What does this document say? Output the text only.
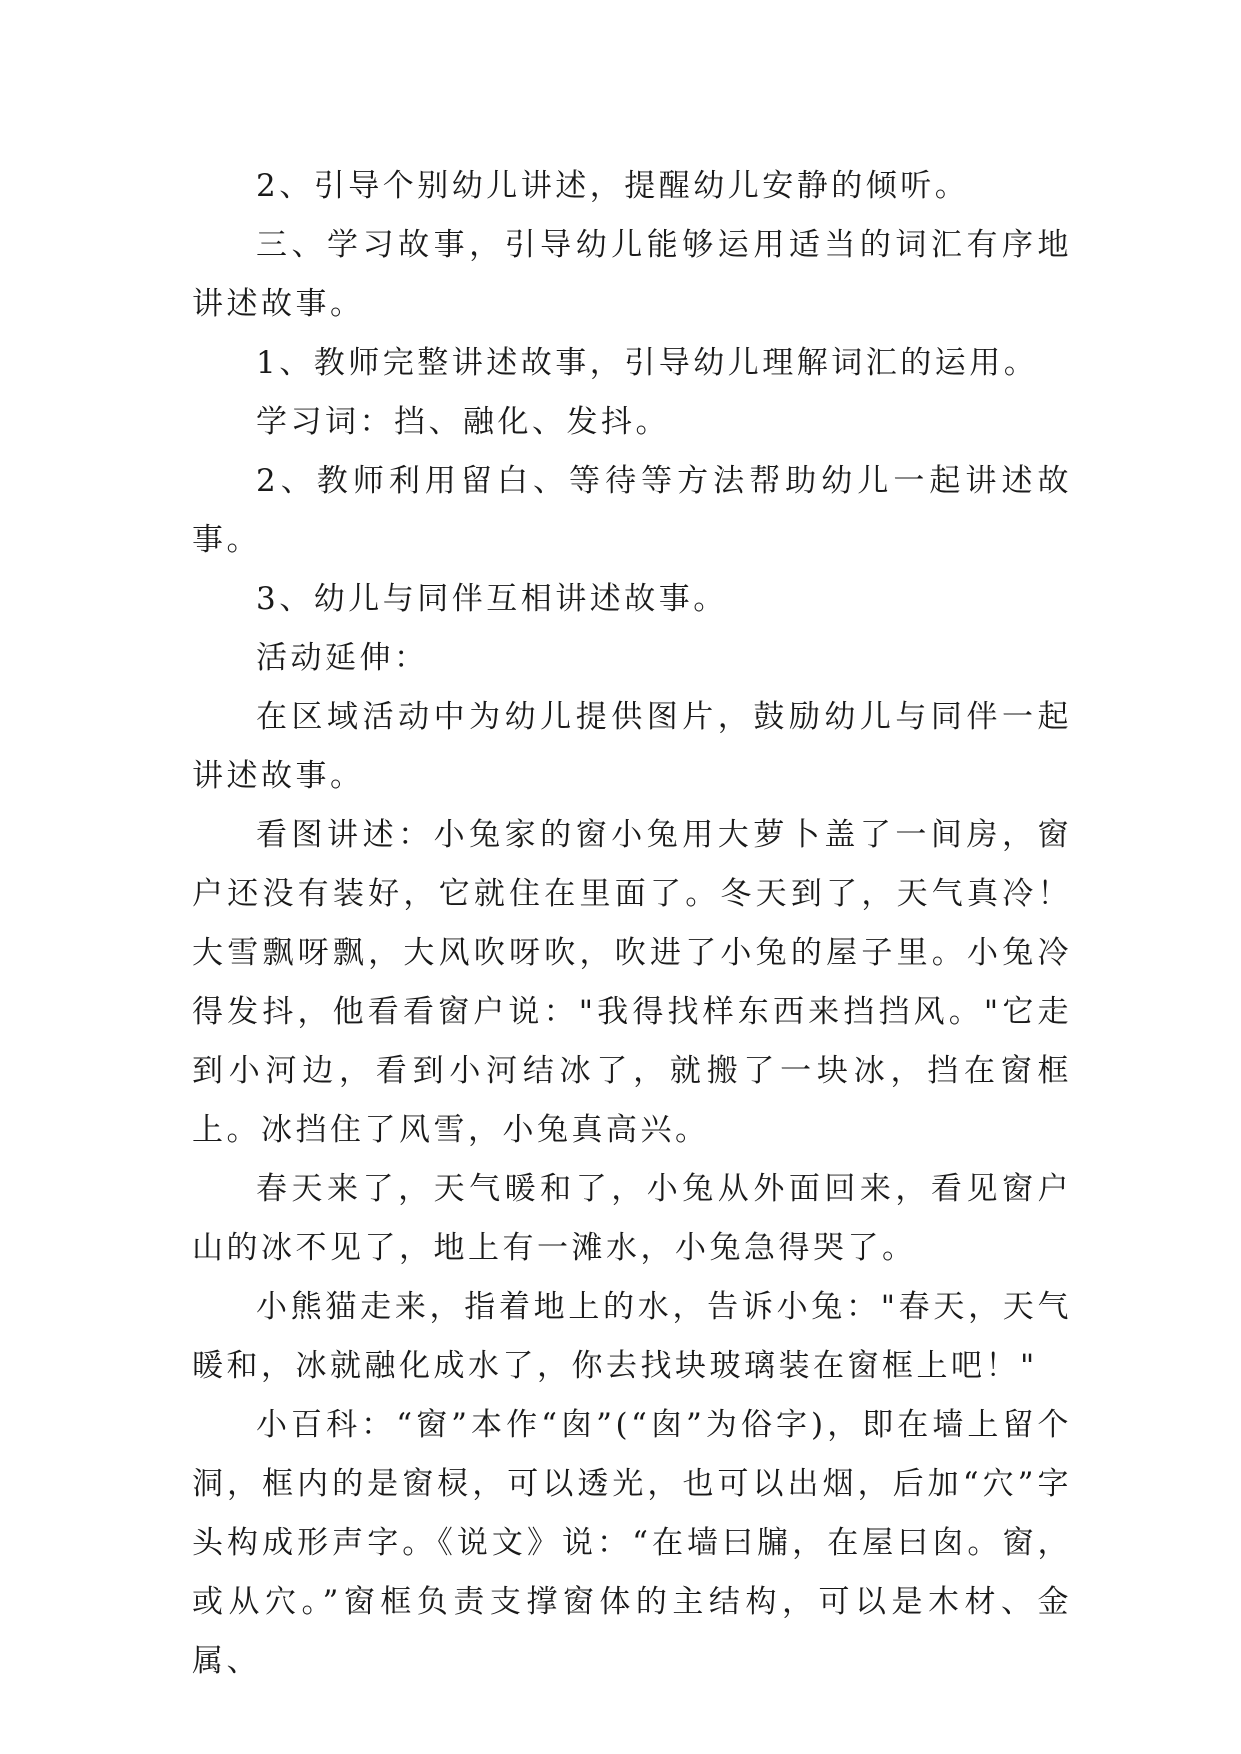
2、引导个别幼儿讲述，提醒幼儿安静的倾听。

三、学习故事，引导幼儿能够运用适当的词汇有序地讲述故事。

1、教师完整讲述故事，引导幼儿理解词汇的运用。

学习词：挡、融化、发抖。

2、教师利用留白、等待等方法帮助幼儿一起讲述故事。

3、幼儿与同伴互相讲述故事。

活动延伸：

在区域活动中为幼儿提供图片，鼓励幼儿与同伴一起讲述故事。

看图讲述：小兔家的窗小兔用大萝卜盖了一间房，窗户还没有装好，它就住在里面了。冬天到了，天气真冷！大雪飘呀飘，大风吹呀吹，吹进了小兔的屋子里。小兔冷得发抖，他看看窗户说："我得找样东西来挡挡风。"它走到小河边，看到小河结冰了，就搬了一块冰，挡在窗框上。冰挡住了风雪，小兔真高兴。

春天来了，天气暖和了，小兔从外面回来，看见窗户山的冰不见了，地上有一滩水，小兔急得哭了。

小熊猫走来，指着地上的水，告诉小兔："春天，天气暖和，冰就融化成水了，你去找块玻璃装在窗框上吧！"

小百科：“窗”本作“囱”(“囱”为俗字)，即在墙上留个洞，框内的是窗棂，可以透光，也可以出烟，后加“穴”字头构成形声字。《说文》说：“在墙曰牖，在屋曰囱。窗，或从穴。”窗框负责支撑窗体的主结构，可以是木材、金属、
